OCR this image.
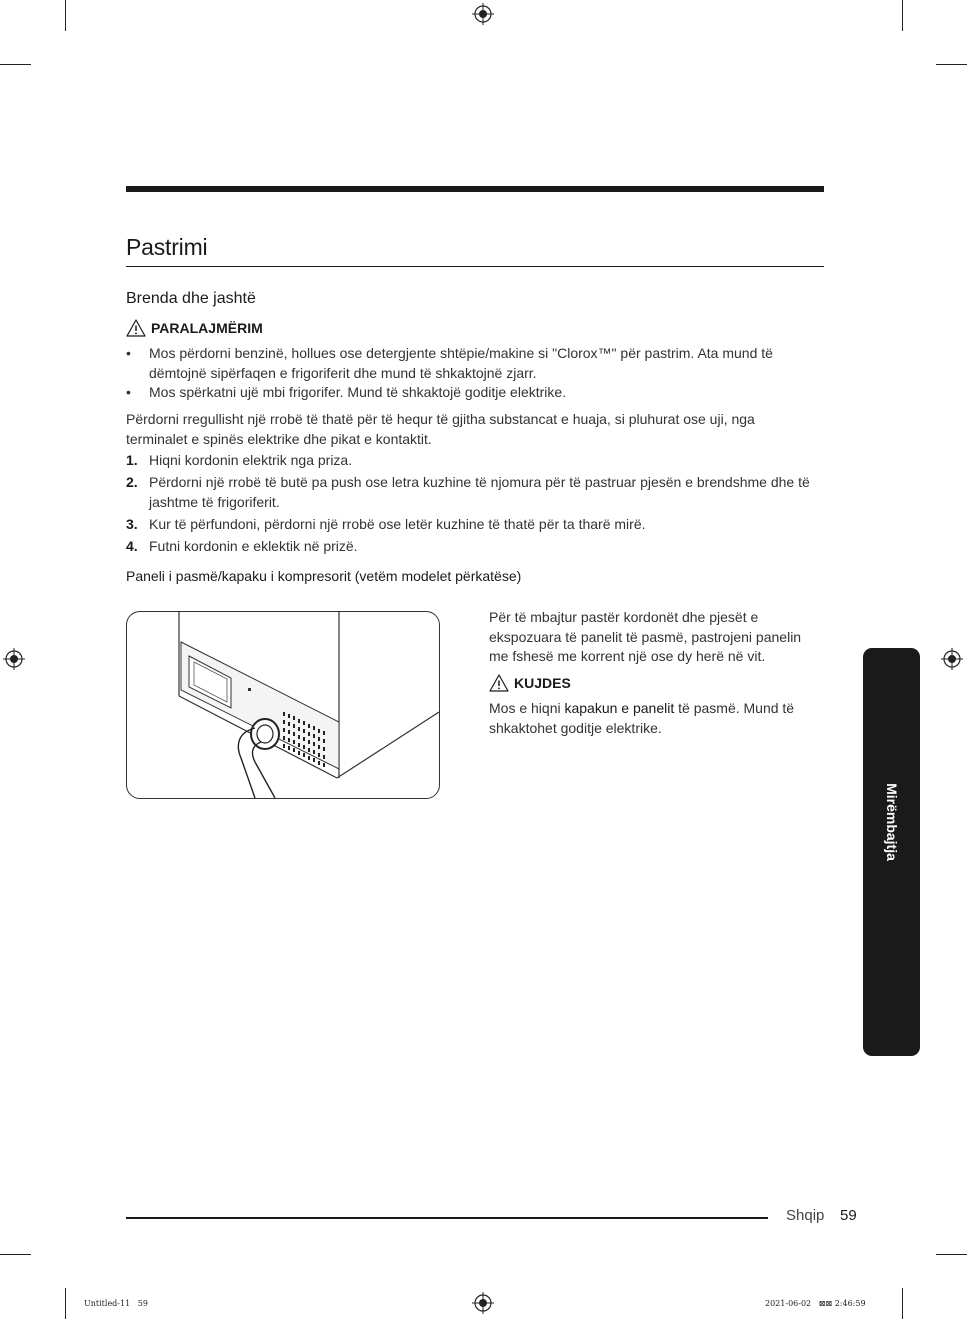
Pastrimi
Brenda dhe jashtë
PARALAJMËRIM
• Mos përdorni benzinë, hollues ose detergjente shtëpie/makine si "Clorox™" për pastrim. Ata mund të dëmtojnë sipërfaqen e frigoriferit dhe mund të shkaktojnë zjarr.
• Mos spërkatni ujë mbi frigorifer. Mund të shkaktojë goditje elektrike.

Përdorni rregullisht një rrobë të thatë për të hequr të gjitha substancat e huaja, si pluhurat ose uji, nga terminalet e spinës elektrike dhe pikat e kontaktit.

1. Hiqni kordonin elektrik nga priza.
2. Përdorni një rrobë të butë pa push ose letra kuzhine të njomura për të pastruar pjesën e brendshme dhe të jashtme të frigoriferit.
3. Kur të përfundoni, përdorni një rrobë ose letër kuzhine të thatë për ta tharë mirë.
4. Futni kordonin e eklektik në prizë.
Paneli i pasmë/kapaku i kompresorit (vetëm modelet përkatëse)

Për të mbajtur pastër kordonët dhe pjesët e ekspozuara të panelit të pasmë, pastrojeni panelin me fshesë me korrent një ose dy herë në vit.

KUJDES

Mos e hiqni kapakun e panelit të pasmë. Mund të shkaktohet goditje elektrike.

Mirëmbajtja
Shqip 59
Untitled-11   59	2021-06-02   ⊠⊠ 2:46:59
